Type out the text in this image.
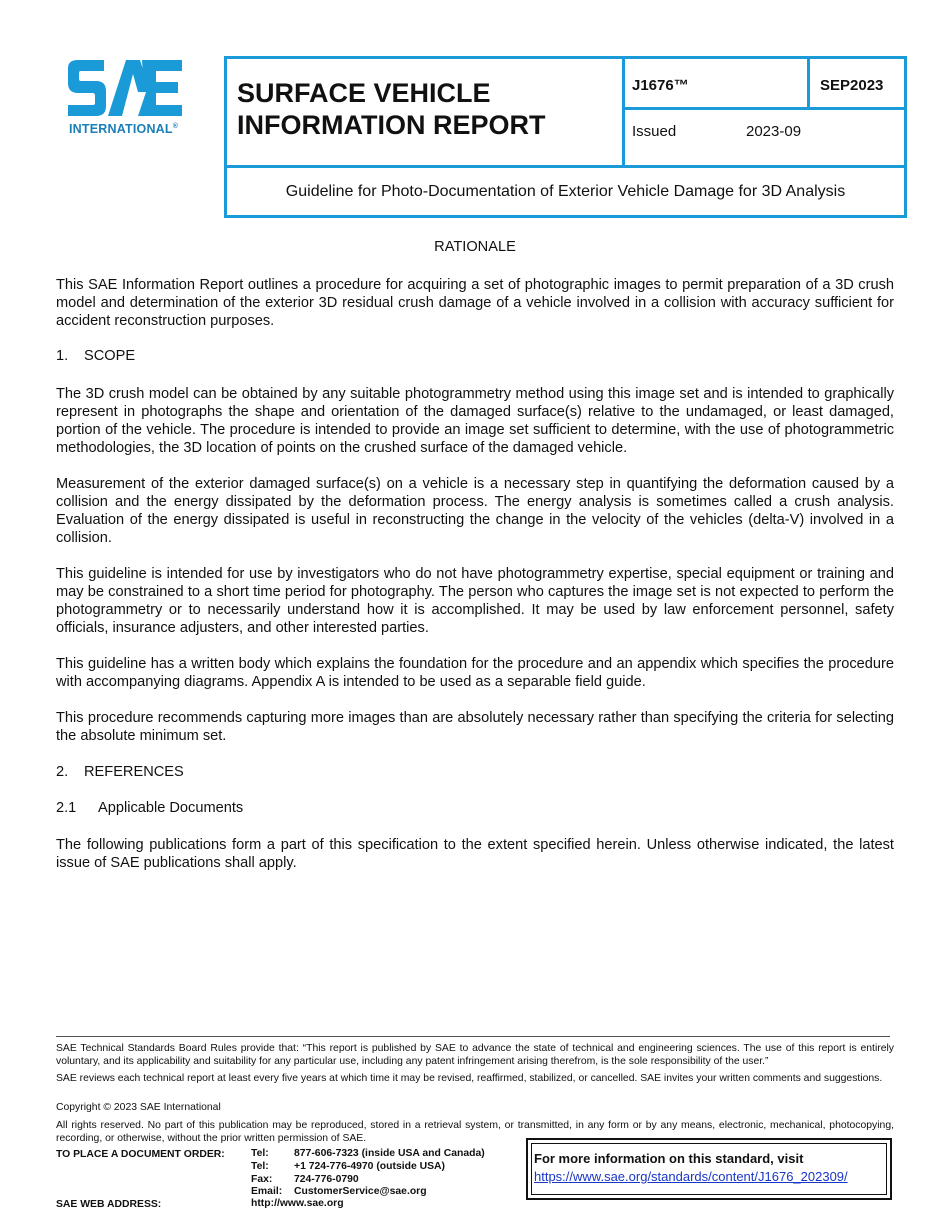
INTERNATIONAL®
SURFACE VEHICLE
INFORMATION REPORT
J1676™	SEP2023
Issued	2023-09
Guideline for Photo-Documentation of Exterior Vehicle Damage for 3D Analysis
RATIONALE

This SAE Information Report outlines a procedure for acquiring a set of photographic images to permit preparation of a 3D crush model and determination of the exterior 3D residual crush damage of a vehicle involved in a collision with accuracy sufficient for accident reconstruction purposes.

1. SCOPE

The 3D crush model can be obtained by any suitable photogrammetry method using this image set and is intended to graphically represent in photographs the shape and orientation of the damaged surface(s) relative to the undamaged, or least damaged, portion of the vehicle. The procedure is intended to provide an image set sufficient to determine, with the use of photogrammetric methodologies, the 3D location of points on the crushed surface of the damaged vehicle.

Measurement of the exterior damaged surface(s) on a vehicle is a necessary step in quantifying the deformation caused by a collision and the energy dissipated by the deformation process. The energy analysis is sometimes called a crush analysis. Evaluation of the energy dissipated is useful in reconstructing the change in the velocity of the vehicles (delta-V) involved in a collision.

This guideline is intended for use by investigators who do not have photogrammetry expertise, special equipment or training and may be constrained to a short time period for photography. The person who captures the image set is not expected to perform the photogrammetry or to necessarily understand how it is accomplished. It may be used by law enforcement personnel, safety officials, insurance adjusters, and other interested parties.

This guideline has a written body which explains the foundation for the procedure and an appendix which specifies the procedure with accompanying diagrams. Appendix A is intended to be used as a separable field guide.

This procedure recommends capturing more images than are absolutely necessary rather than specifying the criteria for selecting the absolute minimum set.

2. REFERENCES
2.1 Applicable Documents

The following publications form a part of this specification to the extent specified herein. Unless otherwise indicated, the latest issue of SAE publications shall apply.

SAE Technical Standards Board Rules provide that: “This report is published by SAE to advance the state of technical and engineering sciences. The use of this report is entirely voluntary, and its applicability and suitability for any particular use, including any patent infringement arising therefrom, is the sole responsibility of the user.”

SAE reviews each technical report at least every five years at which time it may be revised, reaffirmed, stabilized, or cancelled. SAE invites your written comments and suggestions.

Copyright © 2023 SAE International

All rights reserved. No part of this publication may be reproduced, stored in a retrieval system, or transmitted, in any form or by any means, electronic, mechanical, photocopying, recording, or otherwise, without the prior written permission of SAE.

TO PLACE A DOCUMENT ORDER:
SAE WEB ADDRESS:
Tel: 877-606-7323 (inside USA and Canada)
Tel: +1 724-776-4970 (outside USA)
Fax: 724-776-0790
Email: CustomerService@sae.org
http://www.sae.org
For more information on this standard, visit
https://www.sae.org/standards/content/J1676_202309/
